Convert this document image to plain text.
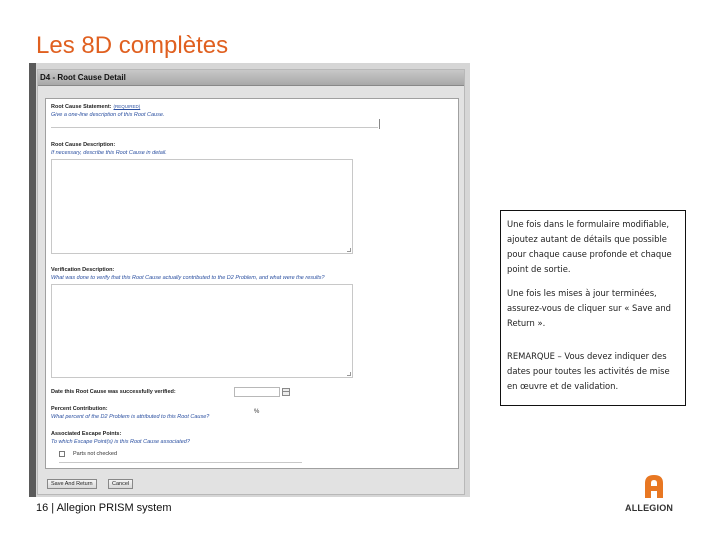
Les 8D complètes
D4 - Root Cause Detail
Root Cause Statement: (REQUIRED)
Give a one-line description of this Root Cause.
Root Cause Description:
If necessary, describe this Root Cause in detail.
Verification Description:
What was done to verify that this Root Cause actually contributed to the D2 Problem, and what were the results?
Date this Root Cause was successfully verified:
Percent Contribution:
What percent of the D2 Problem is attributed to this Root Cause?
%
Associated Escape Points:
To which Escape Point(s) is this Root Cause associated?
Parts not checked
Save And Return	Cancel

Une fois dans le formulaire modifiable, ajoutez autant de détails que possible pour chaque cause profonde et chaque point de sortie.

Une fois les mises à jour terminées, assurez-vous de cliquer sur « Save and Return ».

REMARQUE – Vous devez indiquer des dates pour toutes les activités de mise en œuvre et de validation.

16 | Allegion PRISM system	ALLEGION
